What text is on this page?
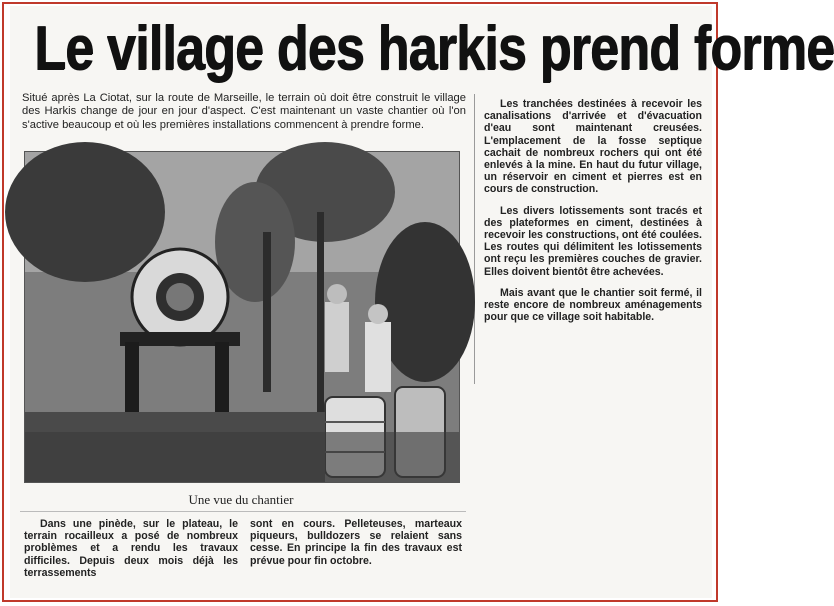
Le village des harkis prend forme

Situé après La Ciotat, sur la route de Marseille, le terrain où doit être construit le village des Harkis change de jour en jour d'aspect. C'est maintenant un vaste chantier où l'on s'active beaucoup et où les premières installations commencent à prendre forme.

Les tranchées destinées à recevoir les canalisations d'arrivée et d'évacuation d'eau sont maintenant creusées. L'emplacement de la fosse septique cachait de nombreux rochers qui ont été enlevés à la mine. En haut du futur village, un réservoir en ciment et pierres est en cours de construction.

Les divers lotissements sont tracés et des plateformes en ciment, destinées à recevoir les constructions, ont été coulées. Les routes qui délimitent les lotissements ont reçu les premières couches de gravier. Elles doivent bientôt être achevées.

Mais avant que le chantier soit fermé, il reste encore de nombreux aménagements pour que ce village soit habitable.

Une vue du chantier

Dans une pinède, sur le plateau, le terrain rocailleux a posé de nombreux problèmes et a rendu les travaux difficiles. Depuis deux mois déjà les terrassements

sont en cours. Pelleteuses, marteaux piqueurs, bulldozers se relaient sans cesse. En principe la fin des travaux est prévue pour fin octobre.
